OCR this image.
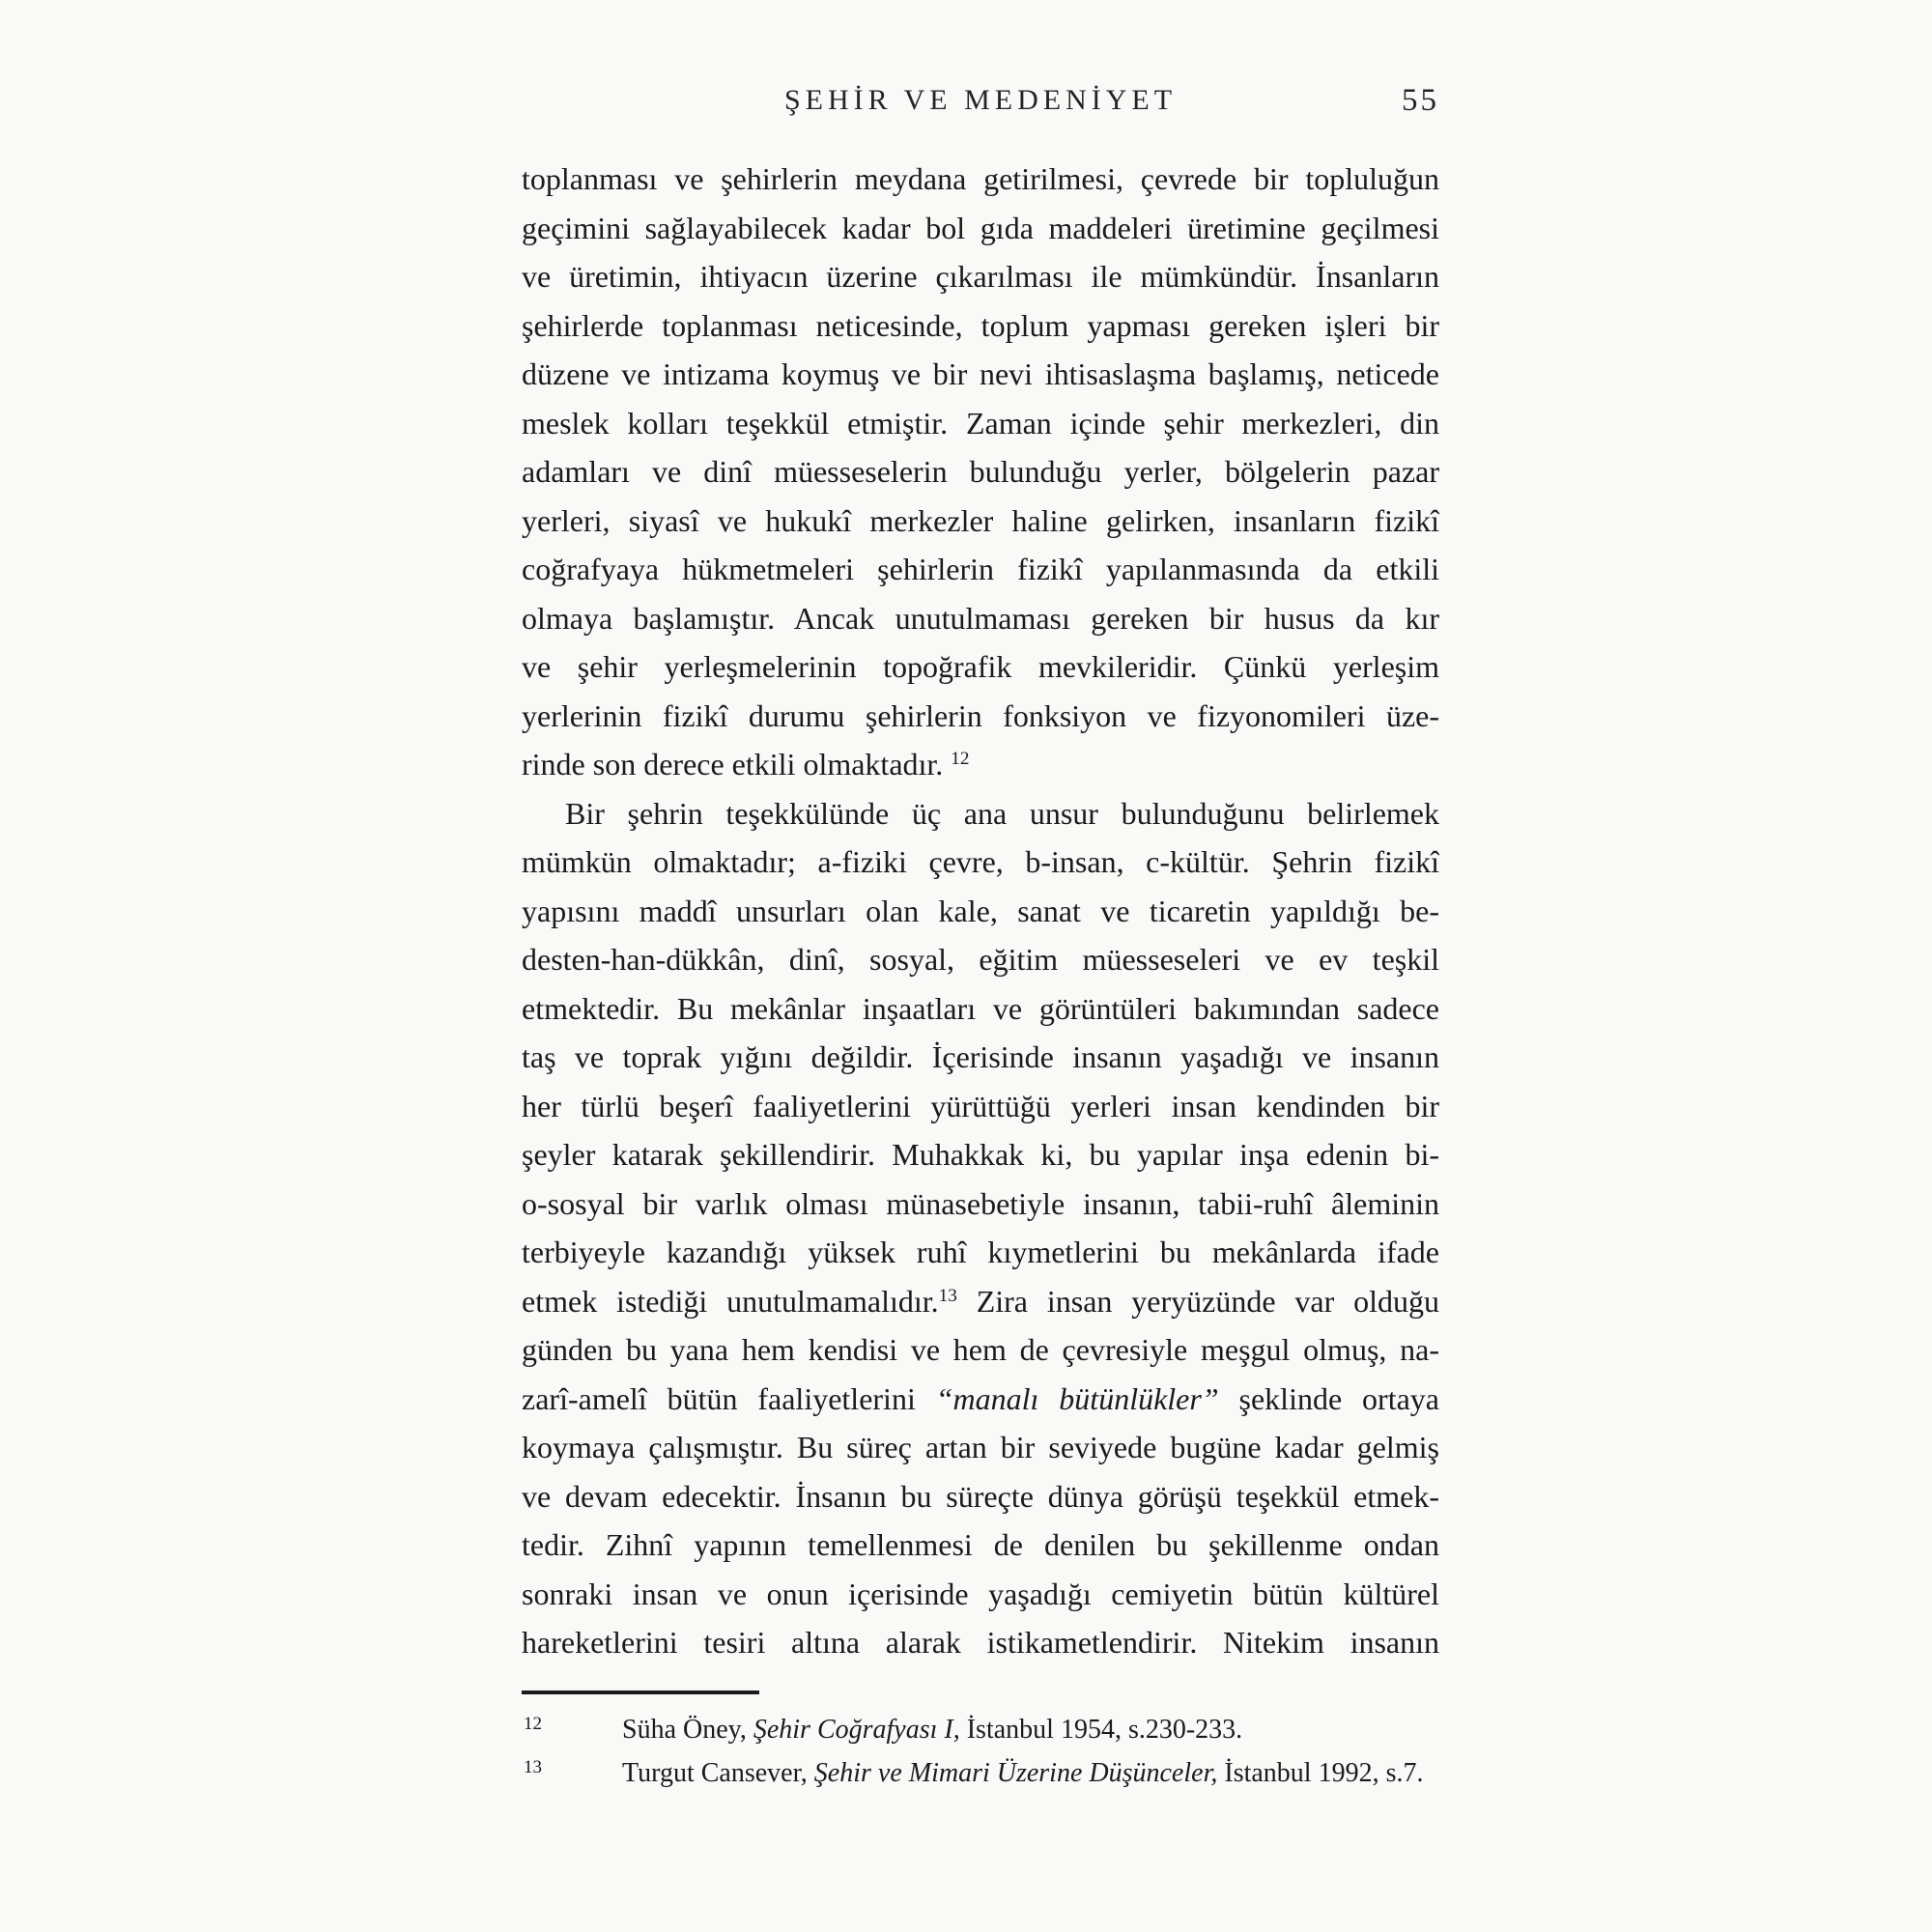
ŞEHİR VE MEDENİYET	55
toplanması ve şehirlerin meydana getirilmesi, çevrede bir topluluğun
geçimini sağlayabilecek kadar bol gıda maddeleri üretimine geçilmesi
ve üretimin, ihtiyacın üzerine çıkarılması ile mümkündür. İnsanların
şehirlerde toplanması neticesinde, toplum yapması gereken işleri bir
düzene ve intizama koymuş ve bir nevi ihtisaslaşma başlamış, neticede
meslek kolları teşekkül etmiştir. Zaman içinde şehir merkezleri, din
adamları ve dinî müesseselerin bulunduğu yerler, bölgelerin pazar
yerleri, siyasî ve hukukî merkezler haline gelirken, insanların fizikî
coğrafyaya hükmetmeleri şehirlerin fizikî yapılanmasında da etkili
olmaya başlamıştır. Ancak unutulmaması gereken bir husus da kır
ve şehir yerleşmelerinin topoğrafik mevkileridir. Çünkü yerleşim
yerlerinin fizikî durumu şehirlerin fonksiyon ve fizyonomileri üze-
rinde son derece etkili olmaktadır. $^{12}$
Bir şehrin teşekkülünde üç ana unsur bulunduğunu belirlemek
mümkün olmaktadır; a-fiziki çevre, b-insan, c-kültür. Şehrin fizikî
yapısını maddî unsurları olan kale, sanat ve ticaretin yapıldığı be-
desten-han-dükkân, dinî, sosyal, eğitim müesseseleri ve ev teşkil
etmektedir. Bu mekânlar inşaatları ve görüntüleri bakımından sadece
taş ve toprak yığını değildir. İçerisinde insanın yaşadığı ve insanın
her türlü beşerî faaliyetlerini yürüttüğü yerleri insan kendinden bir
şeyler katarak şekillendirir. Muhakkak ki, bu yapılar inşa edenin bi-
o-sosyal bir varlık olması münasebetiyle insanın, tabii-ruhî âleminin
terbiyeyle kazandığı yüksek ruhî kıymetlerini bu mekânlarda ifade
etmek istediği unutulmamalıdır.$^{13}$ Zira insan yeryüzünde var olduğu
günden bu yana hem kendisi ve hem de çevresiyle meşgul olmuş, na-
zarî-amelî bütün faaliyetlerini “manalı bütünlükler” şeklinde ortaya
koymaya çalışmıştır. Bu süreç artan bir seviyede bugüne kadar gelmiş
ve devam edecektir. İnsanın bu süreçte dünya görüşü teşekkül etmek-
tedir. Zihnî yapının temellenmesi de denilen bu şekillenme ondan
sonraki insan ve onun içerisinde yaşadığı cemiyetin bütün kültürel
hareketlerini tesiri altına alarak istikametlendirir. Nitekim insanın
12	Süha Öney, Şehir Coğrafyası I, İstanbul 1954, s.230-233.
13	Turgut Cansever, Şehir ve Mimari Üzerine Düşünceler, İstanbul 1992, s.7.
